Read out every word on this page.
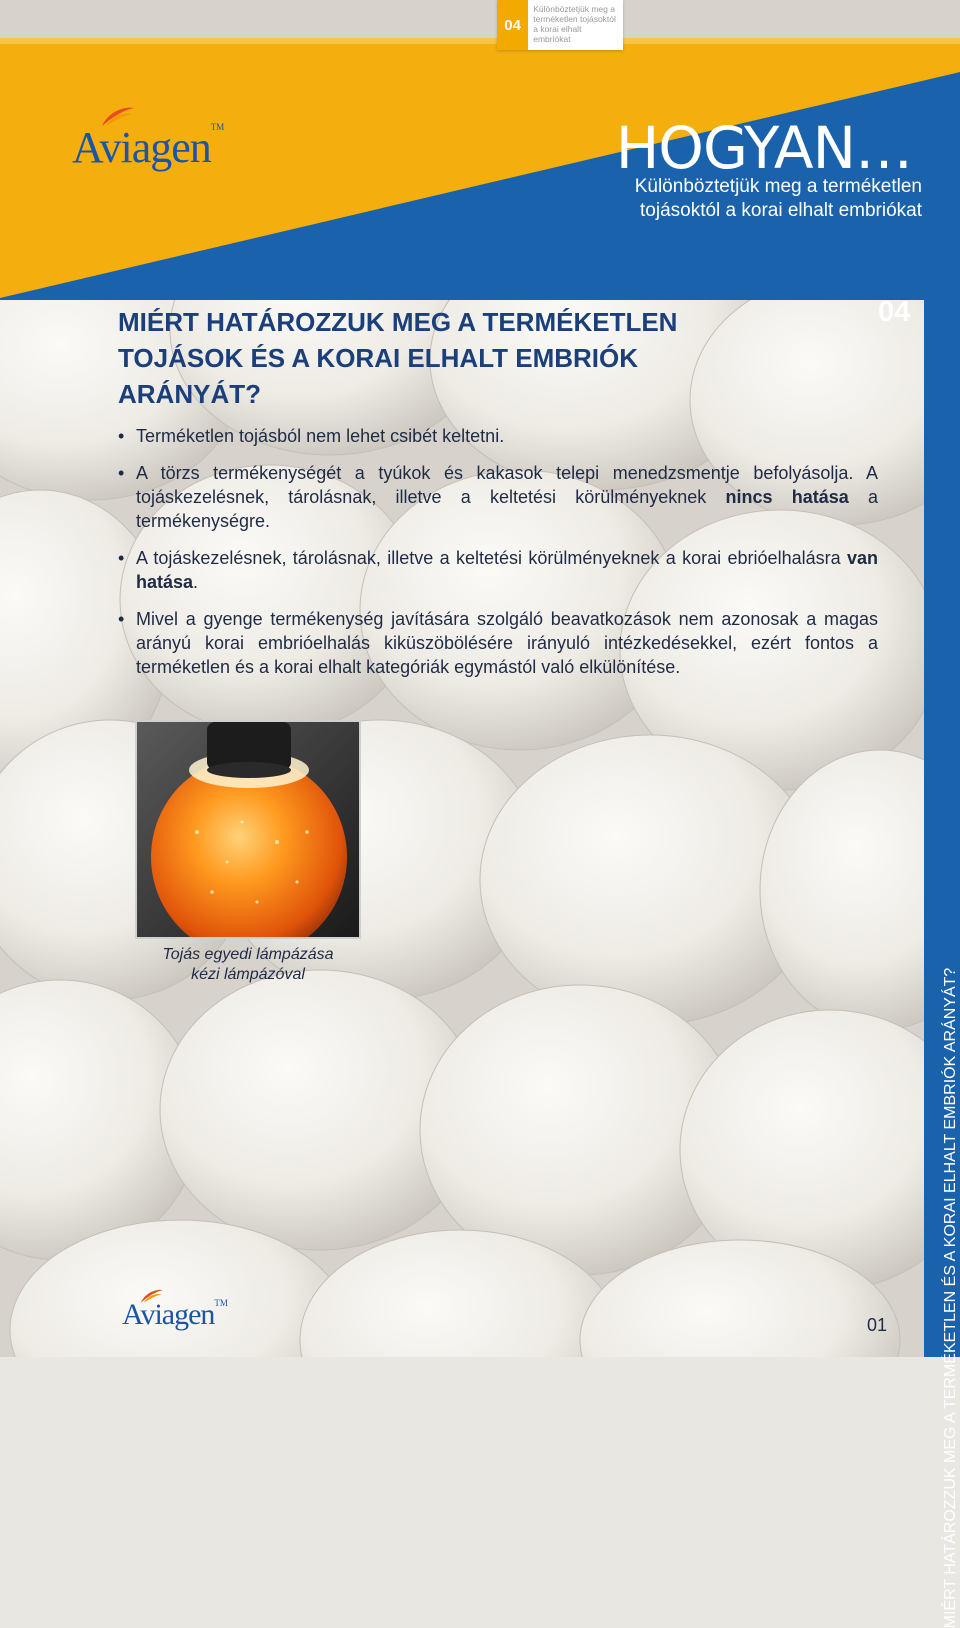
04
Különböztetjük meg a
terméketlen tojásoktól
a korai elhalt embriókat
Aviagen™	HOGYAN…
Különböztetjük meg a terméketlen
tojásoktól a korai elhalt embriókat
MIÉRT HATÁROZZUK MEG A TERMÉKETLEN ÉS A KORAI ELHALT EMBRIÓK ARÁNYÁT?
04
MIÉRT HATÁROZZUK MEG A TERMÉKETLEN
TOJÁSOK ÉS A KORAI ELHALT EMBRIÓK
ARÁNYÁT?
• Terméketlen tojásból nem lehet csibét keltetni.
• A törzs termékenységét a tyúkok és kakasok telepi menedzsmentje befolyásolja. A tojáskezelésnek, tárolásnak, illetve a keltetési körülményeknek nincs hatása a termékenységre.
• A tojáskezelésnek, tárolásnak, illetve a keltetési körülményeknek a korai ebrióelhalásra van hatása.
• Mivel a gyenge termékenység javítására szolgáló beavatkozások nem azonosak a magas arányú korai embrióelhalás kiküszöbölésére irányuló intézkedésekkel, ezért fontos a terméketlen és a korai elhalt kategóriák egymástól való elkülönítése.
Tojás egyedi lámpázása
kézi lámpázóval
Aviagen™
01
